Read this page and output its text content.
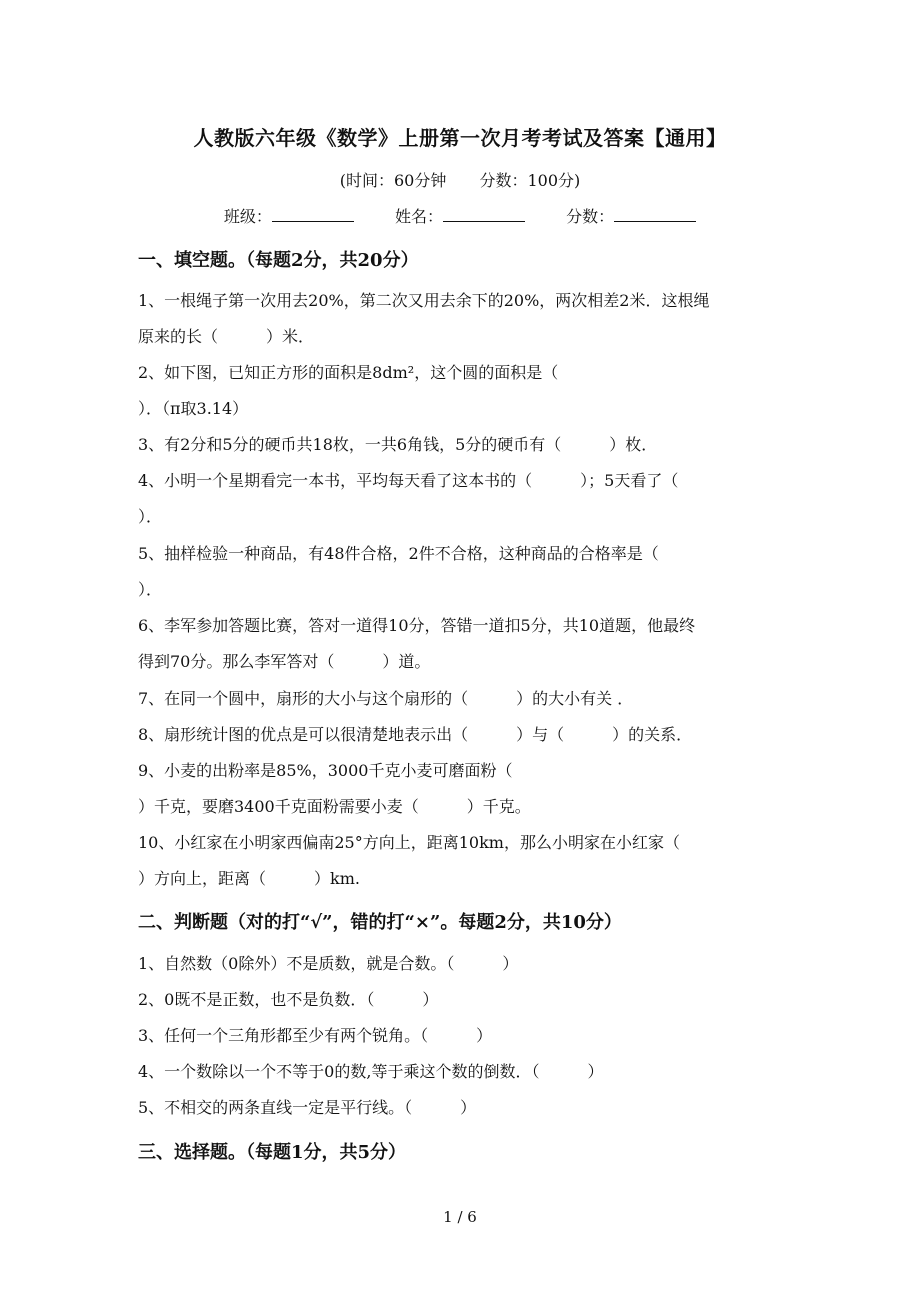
人教版六年级《数学》上册第一次月考考试及答案【通用】
(时间：60分钟 分数：100分)
班级：	姓名：	分数：
一、填空题。（每题2分，共20分）
1、一根绳子第一次用去20%，第二次又用去余下的20%，两次相差2米．这根绳
原来的长（　　　）米．
2、如下图，已知正方形的面积是8dm²，这个圆的面积是（
）．（π取3.14）
3、有2分和5分的硬币共18枚，一共6角钱，5分的硬币有（　　　）枚．
4、小明一个星期看完一本书，平均每天看了这本书的（　　　）；5天看了（
）．
5、抽样检验一种商品，有48件合格，2件不合格，这种商品的合格率是（
）．
6、李军参加答题比赛，答对一道得10分，答错一道扣5分，共10道题，他最终
得到70分。那么李军答对（　　　）道。
7、在同一个圆中，扇形的大小与这个扇形的（　　　）的大小有关 ．
8、扇形统计图的优点是可以很清楚地表示出（　　　）与（　　　）的关系．
9、小麦的出粉率是85%，3000千克小麦可磨面粉（
）千克，要磨3400千克面粉需要小麦（　　　）千克。
10、小红家在小明家西偏南25°方向上，距离10km，那么小明家在小红家（
）方向上，距离（　　　）km.
二、判断题（对的打“√”，错的打“×”。每题2分，共10分）
1、自然数（0除外）不是质数，就是合数。（　　　）
2、0既不是正数，也不是负数．（　　　）
3、任何一个三角形都至少有两个锐角。（　　　）
4、一个数除以一个不等于0的数,等于乘这个数的倒数．（　　　）
5、不相交的两条直线一定是平行线。（　　　）
三、选择题。（每题1分，共5分）
1 / 6
